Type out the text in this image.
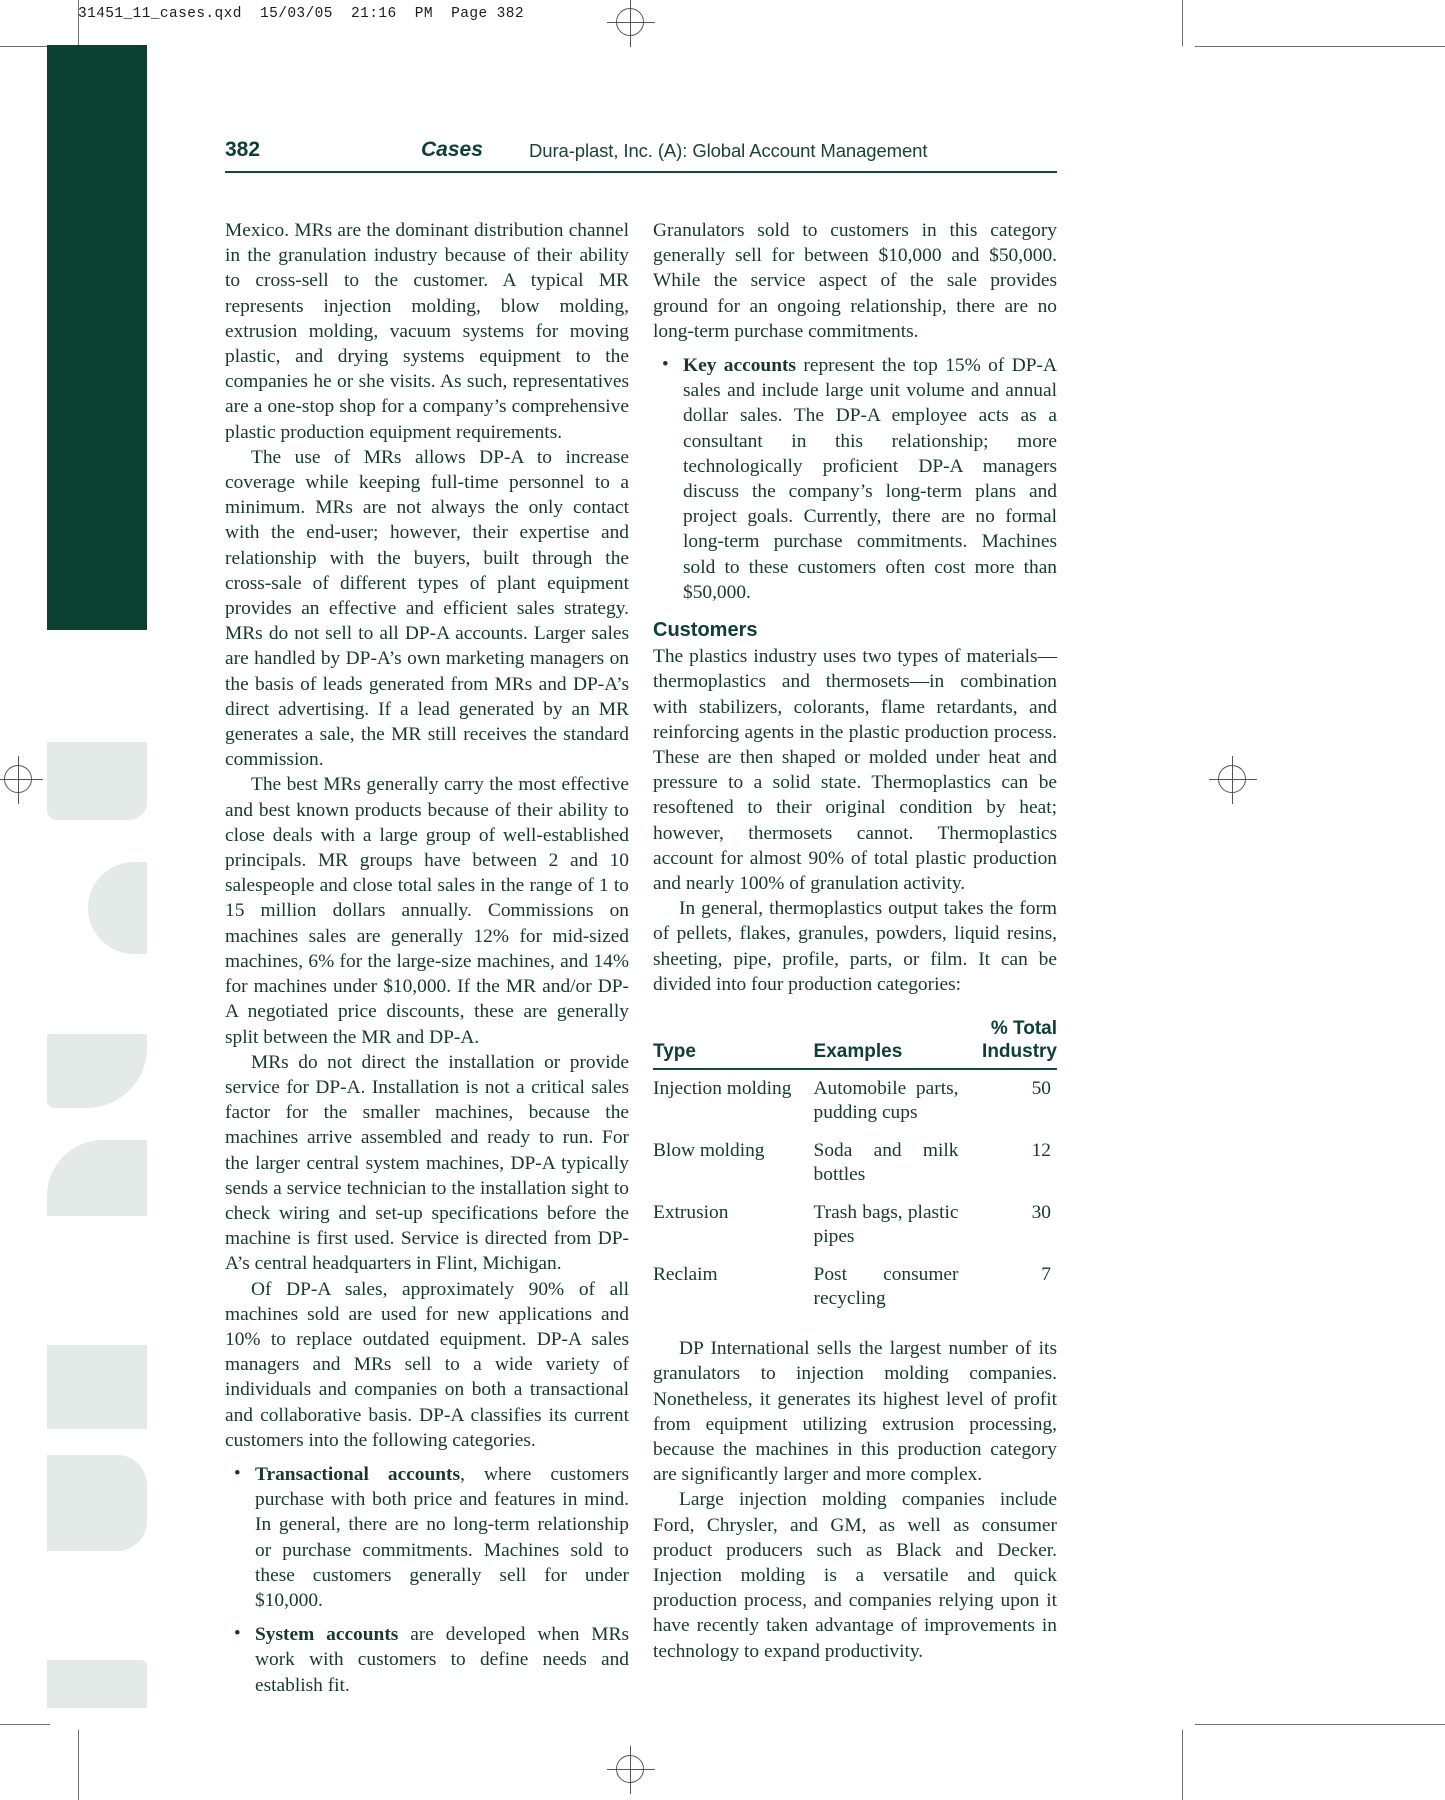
31451_11_cases.qxd  15/03/05  21:16  PM  Page 382
382	Cases Dura-plast, Inc. (A): Global Account Management

Mexico. MRs are the dominant distribution channel in the granulation industry because of their ability to cross-sell to the customer. A typical MR represents injection molding, blow molding, extrusion molding, vacuum systems for moving plastic, and drying systems equipment to the companies he or she visits. As such, representatives are a one-stop shop for a company’s comprehensive plastic production equipment requirements.

The use of MRs allows DP-A to increase coverage while keeping full-time personnel to a minimum. MRs are not always the only contact with the end-user; however, their expertise and relationship with the buyers, built through the cross-sale of different types of plant equipment provides an effective and efficient sales strategy. MRs do not sell to all DP-A accounts. Larger sales are handled by DP-A’s own marketing managers on the basis of leads generated from MRs and DP-A’s direct advertising. If a lead generated by an MR generates a sale, the MR still receives the standard commission.

The best MRs generally carry the most effective and best known products because of their ability to close deals with a large group of well-established principals. MR groups have between 2 and 10 salespeople and close total sales in the range of 1 to 15 million dollars annually. Commissions on machines sales are generally 12% for mid-sized machines, 6% for the large-size machines, and 14% for machines under $10,000. If the MR and/or DP-A negotiated price discounts, these are generally split between the MR and DP-A.

MRs do not direct the installation or provide service for DP-A. Installation is not a critical sales factor for the smaller machines, because the machines arrive assembled and ready to run. For the larger central system machines, DP-A typically sends a service technician to the installation sight to check wiring and set-up specifications before the machine is first used. Service is directed from DP-A’s central headquarters in Flint, Michigan.

Of DP-A sales, approximately 90% of all machines sold are used for new applications and 10% to replace outdated equipment. DP-A sales managers and MRs sell to a wide variety of individuals and companies on both a transactional and collaborative basis. DP-A classifies its current customers into the following categories.

• Transactional accounts, where customers purchase with both price and features in mind. In general, there are no long-term relationship or purchase commitments. Machines sold to these customers generally sell for under $10,000.
• System accounts are developed when MRs work with customers to define needs and establish fit.

Granulators sold to customers in this category generally sell for between $10,000 and $50,000. While the service aspect of the sale provides ground for an ongoing relationship, there are no long-term purchase commitments.

• Key accounts represent the top 15% of DP-A sales and include large unit volume and annual dollar sales. The DP-A employee acts as a consultant in this relationship; more technologically proficient DP-A managers discuss the company’s long-term plans and project goals. Currently, there are no formal long-term purchase commitments. Machines sold to these customers often cost more than $50,000.
Customers

The plastics industry uses two types of materials—thermoplastics and thermosets—in combination with stabilizers, colorants, flame retardants, and reinforcing agents in the plastic production process. These are then shaped or molded under heat and pressure to a solid state. Thermoplastics can be resoftened to their original condition by heat; however, thermosets cannot. Thermoplastics account for almost 90% of total plastic production and nearly 100% of granulation activity.

In general, thermoplastics output takes the form of pellets, flakes, granules, powders, liquid resins, sheeting, pipe, profile, parts, or film. It can be divided into four production categories:

Type	Examples	% Total
Industry
Injection molding	Automobile parts, pudding cups	50
Blow molding	Soda and milk bottles	12
Extrusion	Trash bags, plastic pipes	30
Reclaim	Post consumer recycling	7

DP International sells the largest number of its granulators to injection molding companies. Nonetheless, it generates its highest level of profit from equipment utilizing extrusion processing, because the machines in this production category are significantly larger and more complex.

Large injection molding companies include Ford, Chrysler, and GM, as well as consumer product producers such as Black and Decker. Injection molding is a versatile and quick production process, and companies relying upon it have recently taken advantage of improvements in technology to expand productivity.
